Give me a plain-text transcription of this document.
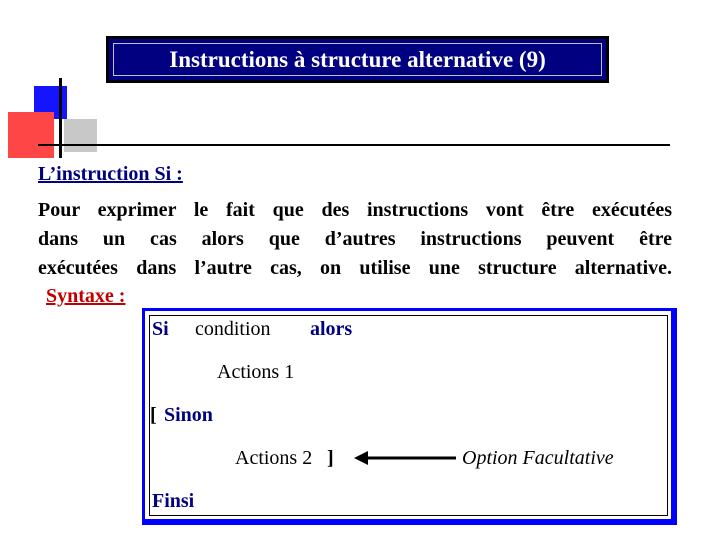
Instructions à structure alternative (9)
L’instruction Si :
Pour exprimer le fait que des instructions vont être exécutées
dans un cas alors que d’autres instructions peuvent être
exécutées dans l’autre cas, on utilise une structure alternative.
Syntaxe :
Si condition alors
Actions 1
[ Sinon
Actions 2 ]	Option Facultative
Finsi
